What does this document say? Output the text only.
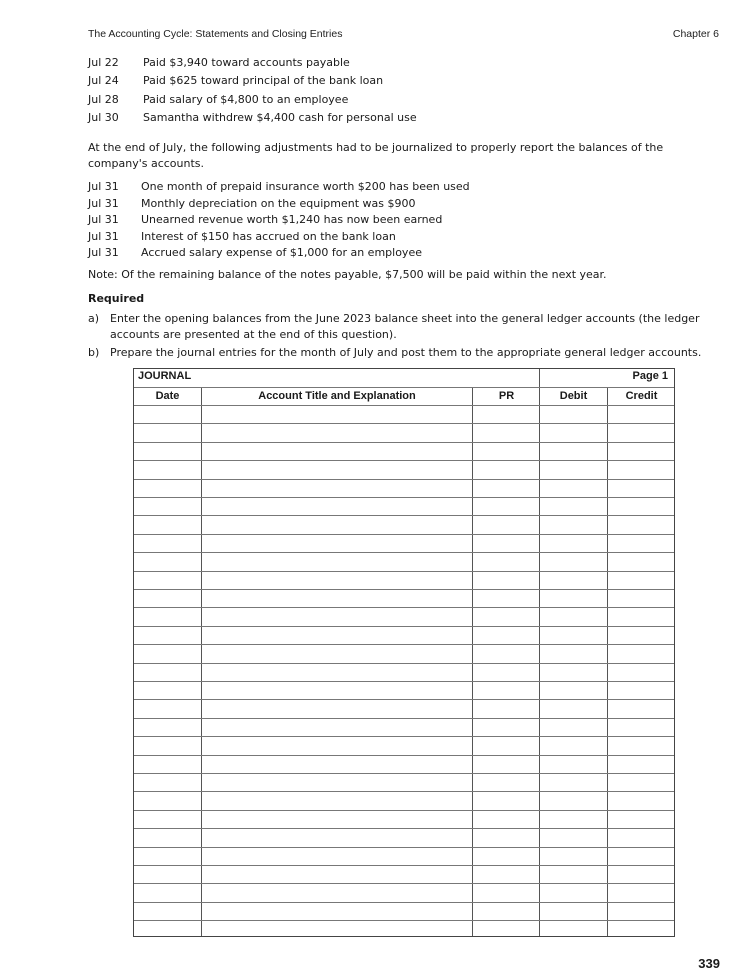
The Accounting Cycle: Statements and Closing Entries	Chapter 6
Jul 22 Paid $3,940 toward accounts payable
Jul 24 Paid $625 toward principal of the bank loan
Jul 28 Paid salary of $4,800 to an employee
Jul 30 Samantha withdrew $4,400 cash for personal use
At the end of July, the following adjustments had to be journalized to properly report the balances of the company's accounts.
Jul 31 One month of prepaid insurance worth $200 has been used
Jul 31 Monthly depreciation on the equipment was $900
Jul 31 Unearned revenue worth $1,240 has now been earned
Jul 31 Interest of $150 has accrued on the bank loan
Jul 31 Accrued salary expense of $1,000 for an employee
Note: Of the remaining balance of the notes payable, $7,500 will be paid within the next year.
Required
a) Enter the opening balances from the June 2023 balance sheet into the general ledger accounts (the ledger accounts are presented at the end of this question).
b) Prepare the journal entries for the month of July and post them to the appropriate general ledger accounts.
JOURNAL	Page 1
Date	Account Title and Explanation	PR	Debit	Credit
339
